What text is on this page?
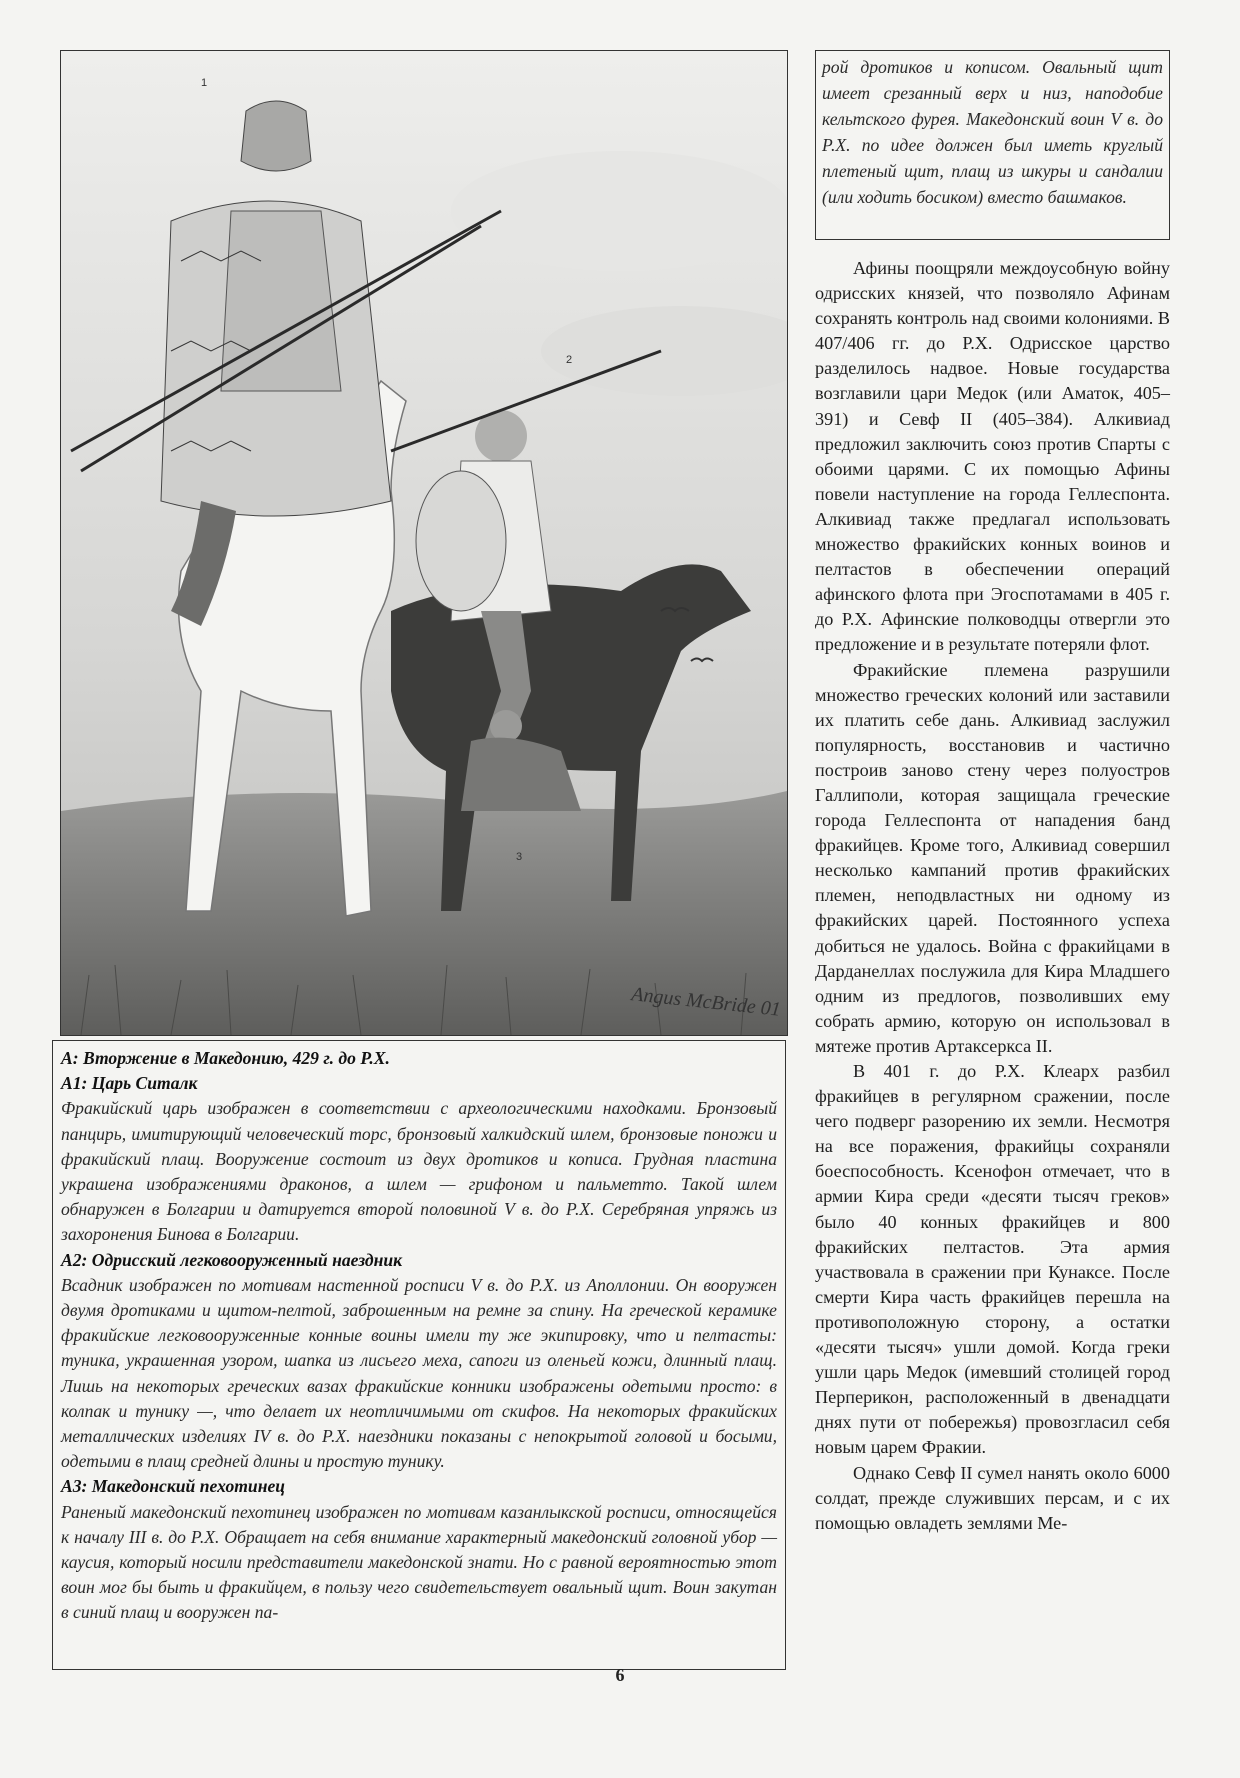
1
2
3
Angus McBride 01

А: Вторжение в Македонию, 429 г. до Р.Х.

А1: Царь Ситалк

Фракийский царь изображен в соответствии с археологическими находками. Бронзовый панцирь, имитирующий человеческий торс, бронзовый халкидский шлем, бронзовые поножи и фракийский плащ. Вооружение состоит из двух дротиков и кописа. Грудная пластина украшена изображениями драконов, а шлем — грифоном и пальметто. Такой шлем обнаружен в Болгарии и датируется второй половиной V в. до Р.Х. Серебряная упряжь из захоронения Бинова в Болгарии.

А2: Одрисский легковооруженный наездник

Всадник изображен по мотивам настенной росписи V в. до Р.Х. из Аполлонии. Он вооружен двумя дротиками и щитом-пелтой, заброшенным на ремне за спину. На греческой керамике фракийские легковооруженные конные воины имели ту же экипировку, что и пелтасты: туника, украшенная узором, шапка из лисьего меха, сапоги из оленьей кожи, длинный плащ. Лишь на некоторых греческих вазах фракийские конники изображены одетыми просто: в колпак и тунику —, что делает их неотличимыми от скифов. На некоторых фракийских металлических изделиях IV в. до Р.Х. наездники показаны с непокрытой головой и босыми, одетыми в плащ средней длины и простую тунику.

А3: Македонский пехотинец

Раненый македонский пехотинец изображен по мотивам казанлыкской росписи, относящейся к началу III в. до Р.Х. Обращает на себя внимание характерный македонский головной убор — каусия, который носили представители македонской знати. Но с равной вероятностью этот воин мог бы быть и фракийцем, в пользу чего свидетельствует овальный щит. Воин закутан в синий плащ и вооружен па-

рой дротиков и кописом. Овальный щит имеет срезанный верх и низ, наподобие кельтского фурея. Македонский воин V в. до Р.Х. по идее должен был иметь круглый плетеный щит, плащ из шкуры и сандалии (или ходить босиком) вместо башмаков.

Афины поощряли междоусобную войну одрисских князей, что позволяло Афинам сохранять контроль над своими колониями. В 407/406 гг. до Р.Х. Одрисское царство разделилось надвое. Новые государства возглавили цари Медок (или Аматок, 405–391) и Севф II (405–384). Алкивиад предложил заключить союз против Спарты с обоими царями. С их помощью Афины повели наступление на города Геллеспонта. Алкивиад также предлагал использовать множество фракийских конных воинов и пелтастов в обеспечении операций афинского флота при Эгоспотамами в 405 г. до Р.Х. Афинские полководцы отвергли это предложение и в результате потеряли флот.

Фракийские племена разрушили множество греческих колоний или заставили их платить себе дань. Алкивиад заслужил популярность, восстановив и частично построив заново стену через полуостров Галлиполи, которая защищала греческие города Геллеспонта от нападения банд фракийцев. Кроме того, Алкивиад совершил несколько кампаний против фракийских племен, неподвластных ни одному из фракийских царей. Постоянного успеха добиться не удалось. Война с фракийцами в Дарданеллах послужила для Кира Младшего одним из предлогов, позволивших ему собрать армию, которую он использовал в мятеже против Артаксеркса II.

В 401 г. до Р.Х. Клеарх разбил фракийцев в регулярном сражении, после чего подверг разорению их земли. Несмотря на все поражения, фракийцы сохраняли боеспособность. Ксенофон отмечает, что в армии Кира среди «десяти тысяч греков» было 40 конных фракийцев и 800 фракийских пелтастов. Эта армия участвовала в сражении при Кунаксе. После смерти Кира часть фракийцев перешла на противоположную сторону, а остатки «десяти тысяч» ушли домой. Когда греки ушли царь Медок (имевший столицей город Перперикон, расположенный в двенадцати днях пути от побережья) провозгласил себя новым царем Фракии.

Однако Севф II сумел нанять около 6000 солдат, прежде служивших персам, и с их помощью овладеть землями Ме-

6
